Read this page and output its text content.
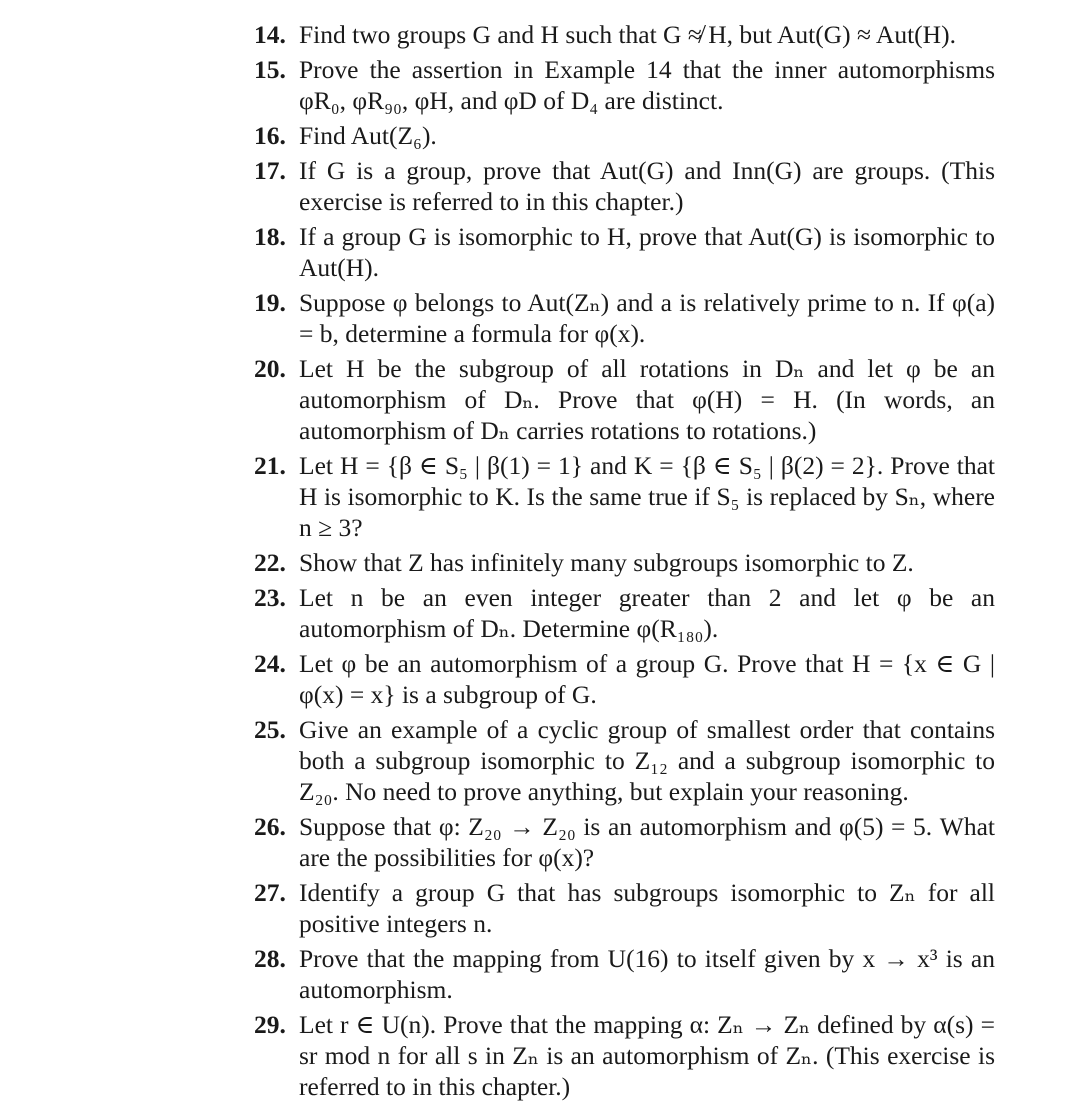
14. Find two groups G and H such that G ≉ H, but Aut(G) ≈ Aut(H).
15. Prove the assertion in Example 14 that the inner automorphisms φR₀, φR₉₀, φH, and φD of D₄ are distinct.
16. Find Aut(Z₆).
17. If G is a group, prove that Aut(G) and Inn(G) are groups. (This exercise is referred to in this chapter.)
18. If a group G is isomorphic to H, prove that Aut(G) is isomorphic to Aut(H).
19. Suppose φ belongs to Aut(Zₙ) and a is relatively prime to n. If φ(a) = b, determine a formula for φ(x).
20. Let H be the subgroup of all rotations in Dₙ and let φ be an automorphism of Dₙ. Prove that φ(H) = H. (In words, an automorphism of Dₙ carries rotations to rotations.)
21. Let H = {β ∈ S₅ | β(1) = 1} and K = {β ∈ S₅ | β(2) = 2}. Prove that H is isomorphic to K. Is the same true if S₅ is replaced by Sₙ, where n ≥ 3?
22. Show that Z has infinitely many subgroups isomorphic to Z.
23. Let n be an even integer greater than 2 and let φ be an automorphism of Dₙ. Determine φ(R₁₈₀).
24. Let φ be an automorphism of a group G. Prove that H = {x ∈ G | φ(x) = x} is a subgroup of G.
25. Give an example of a cyclic group of smallest order that contains both a subgroup isomorphic to Z₁₂ and a subgroup isomorphic to Z₂₀. No need to prove anything, but explain your reasoning.
26. Suppose that φ: Z₂₀ → Z₂₀ is an automorphism and φ(5) = 5. What are the possibilities for φ(x)?
27. Identify a group G that has subgroups isomorphic to Zₙ for all positive integers n.
28. Prove that the mapping from U(16) to itself given by x → x³ is an automorphism.
29. Let r ∈ U(n). Prove that the mapping α: Zₙ → Zₙ defined by α(s) = sr mod n for all s in Zₙ is an automorphism of Zₙ. (This exercise is referred to in this chapter.)
